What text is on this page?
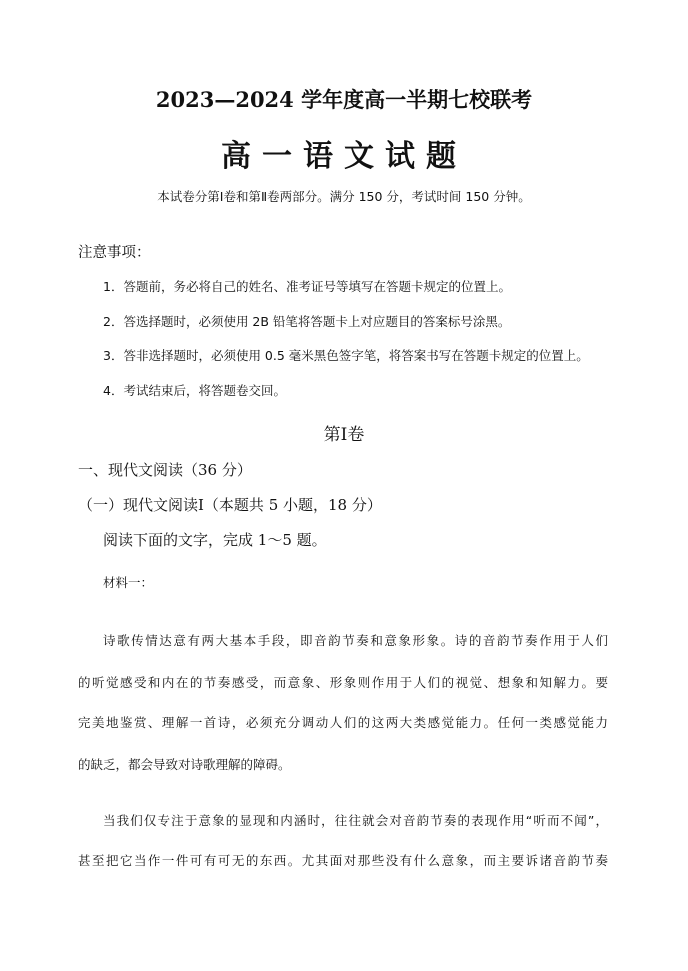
2023—2024 学年度高一半期七校联考
高一语文试题
本试卷分第Ⅰ卷和第Ⅱ卷两部分。满分 150 分，考试时间 150 分钟。
注意事项：
1．答题前，务必将自己的姓名、准考证号等填写在答题卡规定的位置上。
2．答选择题时，必须使用 2B 铅笔将答题卡上对应题目的答案标号涂黑。
3．答非选择题时，必须使用 0.5 毫米黑色签字笔，将答案书写在答题卡规定的位置上。
4．考试结束后，将答题卷交回。
第Ⅰ卷
一、现代文阅读（36 分）
（一）现代文阅读Ⅰ（本题共 5 小题，18 分）
阅读下面的文字，完成 1～5 题。
材料一：
诗歌传情达意有两大基本手段，即音韵节奏和意象形象。诗的音韵节奏作用于人们
的听觉感受和内在的节奏感受，而意象、形象则作用于人们的视觉、想象和知解力。要
完美地鉴赏、理解一首诗，必须充分调动人们的这两大类感觉能力。任何一类感觉能力
的缺乏，都会导致对诗歌理解的障碍。
当我们仅专注于意象的显现和内涵时，往往就会对音韵节奏的表现作用“听而不闻”，
甚至把它当作一件可有可无的东西。尤其面对那些没有什么意象，而主要诉诸音韵节奏
